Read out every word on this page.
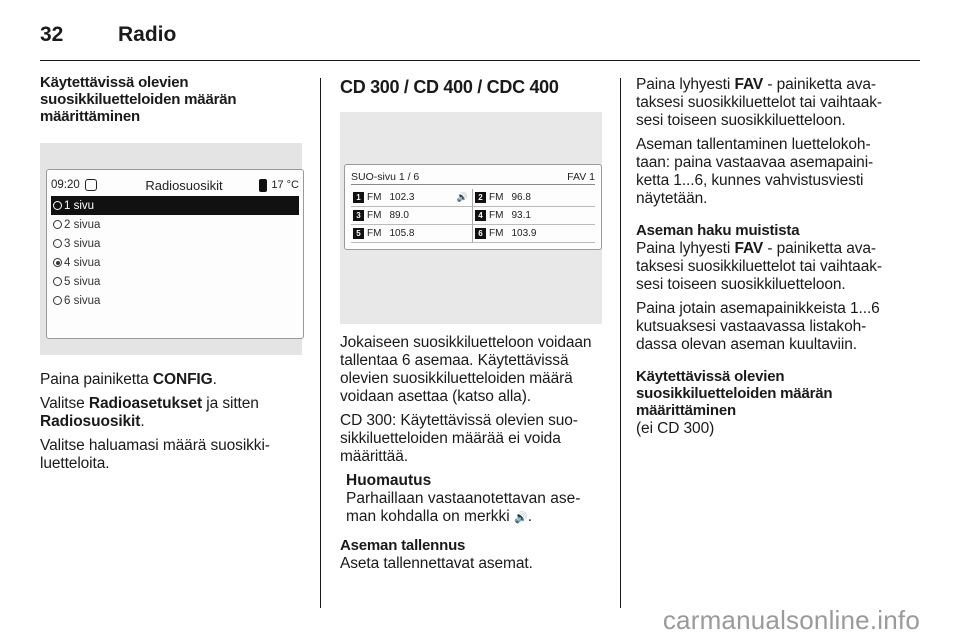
32	Radio
Käytettävissä olevien suosikkiluetteloiden määrän määrittäminen
09:20	Radiosuosikit	17 °C
1 sivu
2 sivua
3 sivua
4 sivua
5 sivua
6 sivua
Paina painiketta CONFIG.
Valitse Radioasetukset ja sitten Radiosuosikit.
Valitse haluamasi määrä suosikki- luetteloita.
CD 300 / CD 400 / CDC 400
SUO-sivu 1 / 6	FAV 1
1 FM 102.3	🔊	2 FM 96.8
3 FM 89.0	4 FM 93.1
5 FM 105.8	6 FM 103.9
Jokaiseen suosikkiluetteloon voidaan tallentaa 6 asemaa. Käytettävissä olevien suosikkiluetteloiden määrä voidaan asettaa (katso alla).
CD 300: Käytettävissä olevien suo- sikkiluetteloiden määrää ei voida määrittää.
Huomautus
Parhaillaan vastaanotettavan ase- man kohdalla on merkki 🔊.
Aseman tallennus
Aseta tallennettavat asemat.
Paina lyhyesti FAV - painiketta ava- taksesi suosikkiluettelot tai vaihtaak- sesi toiseen suosikkiluetteloon.
Aseman tallentaminen luettelokoh- taan: paina vastaavaa asemapaini- ketta 1...6, kunnes vahvistusviesti näytetään.
Aseman haku muistista
Paina lyhyesti FAV - painiketta ava- taksesi suosikkiluettelot tai vaihtaak- sesi toiseen suosikkiluetteloon.
Paina jotain asemapainikkeista 1...6 kutsuaksesi vastaavassa listakoh- dassa olevan aseman kuultaviin.
Käytettävissä olevien suosikkiluetteloiden määrän määrittäminen
(ei CD 300)
carmanualsonline.info
